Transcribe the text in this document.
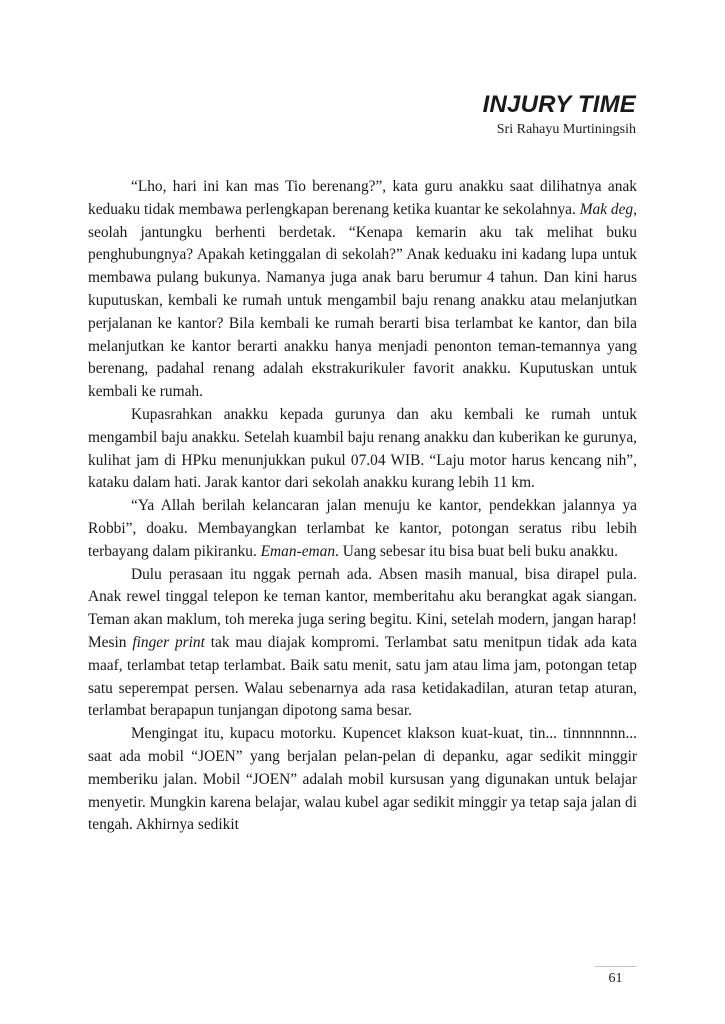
INJURY TIME
Sri Rahayu Murtiningsih

“Lho, hari ini kan mas Tio berenang?”, kata guru anakku saat dilihatnya anak keduaku tidak membawa perlengkapan berenang ketika kuantar ke sekolahnya. Mak deg, seolah jantungku berhenti berdetak. “Kenapa kemarin aku tak melihat buku penghubungnya? Apakah ketinggalan di sekolah?” Anak keduaku ini kadang lupa untuk membawa pulang bukunya. Namanya juga anak baru berumur 4 tahun. Dan kini harus kuputuskan, kembali ke rumah untuk mengambil baju renang anakku atau melanjutkan perjalanan ke kantor? Bila kembali ke rumah berarti bisa terlambat ke kantor, dan bila melanjutkan ke kantor berarti anakku hanya menjadi penonton teman-temannya yang berenang, padahal renang adalah ekstrakurikuler favorit anakku. Kuputuskan untuk kembali ke rumah.

Kupasrahkan anakku kepada gurunya dan aku kembali ke rumah untuk mengambil baju anakku. Setelah kuambil baju renang anakku dan kuberikan ke gurunya, kulihat jam di HPku menunjukkan pukul 07.04 WIB. “Laju motor harus kencang nih”, kataku dalam hati. Jarak kantor dari sekolah anakku kurang lebih 11 km.

“Ya Allah berilah kelancaran jalan menuju ke kantor, pendekkan jalannya ya Robbi”, doaku. Membayangkan terlambat ke kantor, potongan seratus ribu lebih terbayang dalam pikiranku. Eman-eman. Uang sebesar itu bisa buat beli buku anakku.

Dulu perasaan itu nggak pernah ada. Absen masih manual, bisa dirapel pula. Anak rewel tinggal telepon ke teman kantor, memberitahu aku berangkat agak siangan. Teman akan maklum, toh mereka juga sering begitu. Kini, setelah modern, jangan harap! Mesin finger print tak mau diajak kompromi. Terlambat satu menitpun tidak ada kata maaf, terlambat tetap terlambat. Baik satu menit, satu jam atau lima jam, potongan tetap satu seperempat persen. Walau sebenarnya ada rasa ketidakadilan, aturan tetap aturan, terlambat berapapun tunjangan dipotong sama besar.

Mengingat itu, kupacu motorku. Kupencet klakson kuat-kuat, tin... tinnnnnnn... saat ada mobil “JOEN” yang berjalan pelan-pelan di depanku, agar sedikit minggir memberiku jalan. Mobil “JOEN” adalah mobil kursusan yang digunakan untuk belajar menyetir. Mungkin karena belajar, walau kubel agar sedikit minggir ya tetap saja jalan di tengah. Akhirnya sedikit

61
